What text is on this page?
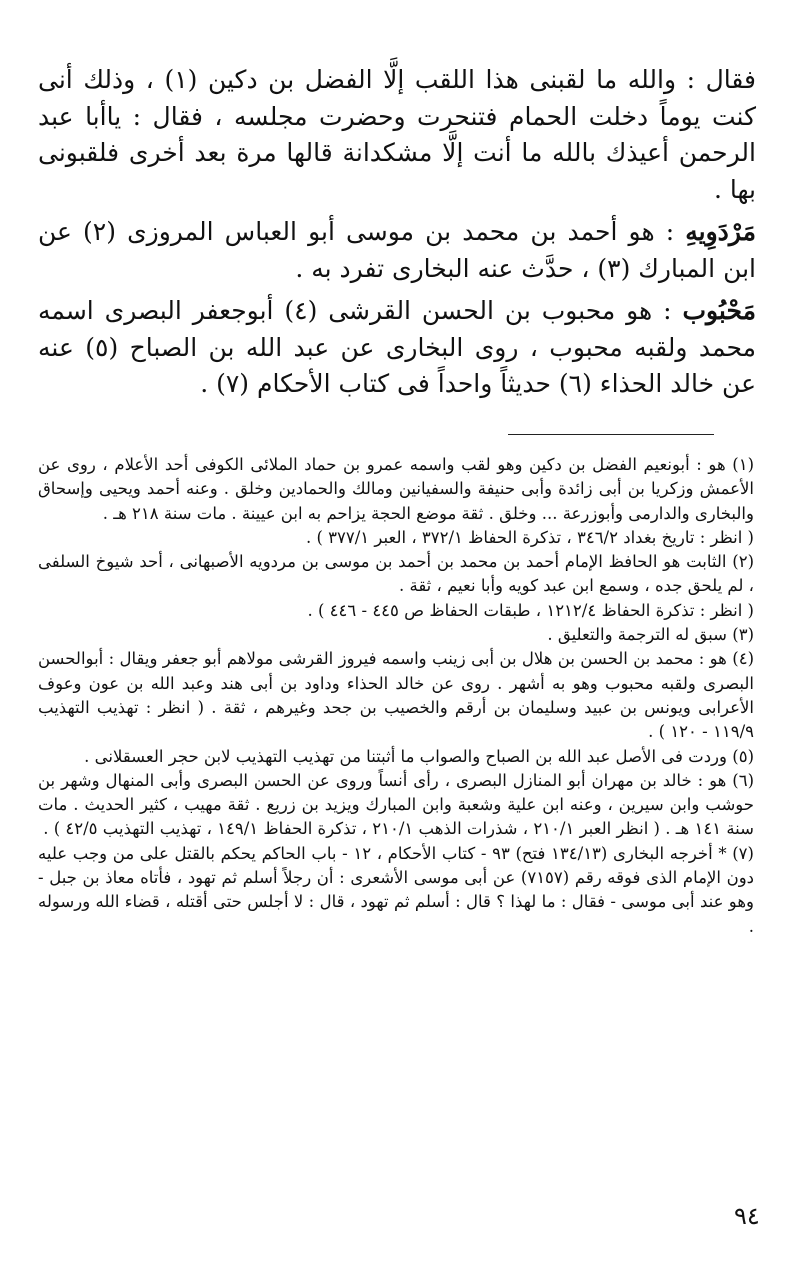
فقال : والله ما لقبنى هذا اللقب إلَّا الفضل بن دكين (١) ، وذلك أنى كنت يوماً دخلت الحمام فتنحرت وحضرت مجلسه ، فقال : ياأبا عبد الرحمن أعيذك بالله ما أنت إلَّا مشكدانة قالها مرة بعد أخرى فلقبونى بها .

مَرْدَوِيهِ : هو أحمد بن محمد بن موسى أبو العباس المروزى (٢) عن ابن المبارك (٣) ، حدَّث عنه البخارى تفرد به .

مَحْبُوب : هو محبوب بن الحسن القرشى (٤) أبوجعفر البصرى اسمه محمد ولقبه محبوب ، روى البخارى عن عبد الله بن الصباح (٥) عنه عن خالد الحذاء (٦) حديثاً واحداً فى كتاب الأحكام (٧) .

(١) هو : أبونعيم الفضل بن دكين وهو لقب واسمه عمرو بن حماد الملائى الكوفى أحد الأعلام ، روى عن الأعمش وزكريا بن أبى زائدة وأبى حنيفة والسفيانين ومالك والحمادين وخلق . وعنه أحمد ويحيى وإسحاق والبخارى والدارمى وأبوزرعة ... وخلق . ثقة موضع الحجة يزاحم به ابن عيينة . مات سنة ٢١٨ هـ .

( انظر : تاريخ بغداد ٣٤٦/٢ ، تذكرة الحفاظ ٣٧٢/١ ، العبر ٣٧٧/١ ) .

(٢) الثابت هو الحافظ الإمام أحمد بن محمد بن أحمد بن موسى بن مردويه الأصبهانى ، أحد شيوخ السلفى ، لم يلحق جده ، وسمع ابن عبد كويه وأبا نعيم ، ثقة .

( انظر : تذكرة الحفاظ ١٢١٢/٤ ، طبقات الحفاظ ص ٤٤٥ - ٤٤٦ ) .

(٣) سبق له الترجمة والتعليق .

(٤) هو : محمد بن الحسن بن هلال بن أبى زينب واسمه فيروز القرشى مولاهم أبو جعفر ويقال : أبوالحسن البصرى ولقبه محبوب وهو به أشهر . روى عن خالد الحذاء وداود بن أبى هند وعبد الله بن عون وعوف الأعرابى ويونس بن عبيد وسليمان بن أرقم والخصيب بن جحد وغيرهم ، ثقة . ( انظر : تهذيب التهذيب ١١٩/٩ - ١٢٠ ) .

(٥) وردت فى الأصل عبد الله بن الصباح والصواب ما أثبتنا من تهذيب التهذيب لابن حجر العسقلانى .

(٦) هو : خالد بن مهران أبو المنازل البصرى ، رأى أنساً وروى عن الحسن البصرى وأبى المنهال وشهر بن حوشب وابن سيرين ، وعنه ابن علية وشعبة وابن المبارك ويزيد بن زريع . ثقة مهيب ، كثير الحديث . مات سنة ١٤١ هـ . ( انظر العبر ٢١٠/١ ، شذرات الذهب ٢١٠/١ ، تذكرة الحفاظ ١٤٩/١ ، تهذيب التهذيب ٤٢/٥ ) .

(٧) * أخرجه البخارى (١٣٤/١٣ فتح) ٩٣ - كتاب الأحكام ، ١٢ - باب الحاكم يحكم بالقتل على من وجب عليه دون الإمام الذى فوقه رقم (٧١٥٧) عن أبى موسى الأشعرى : أن رجلاً أسلم ثم تهود ، فأتاه معاذ بن جبل - وهو عند أبى موسى - فقال : ما لهذا ؟ قال : أسلم ثم تهود ، قال : لا أجلس حتى أقتله ، قضاء الله ورسوله .

٩٤
